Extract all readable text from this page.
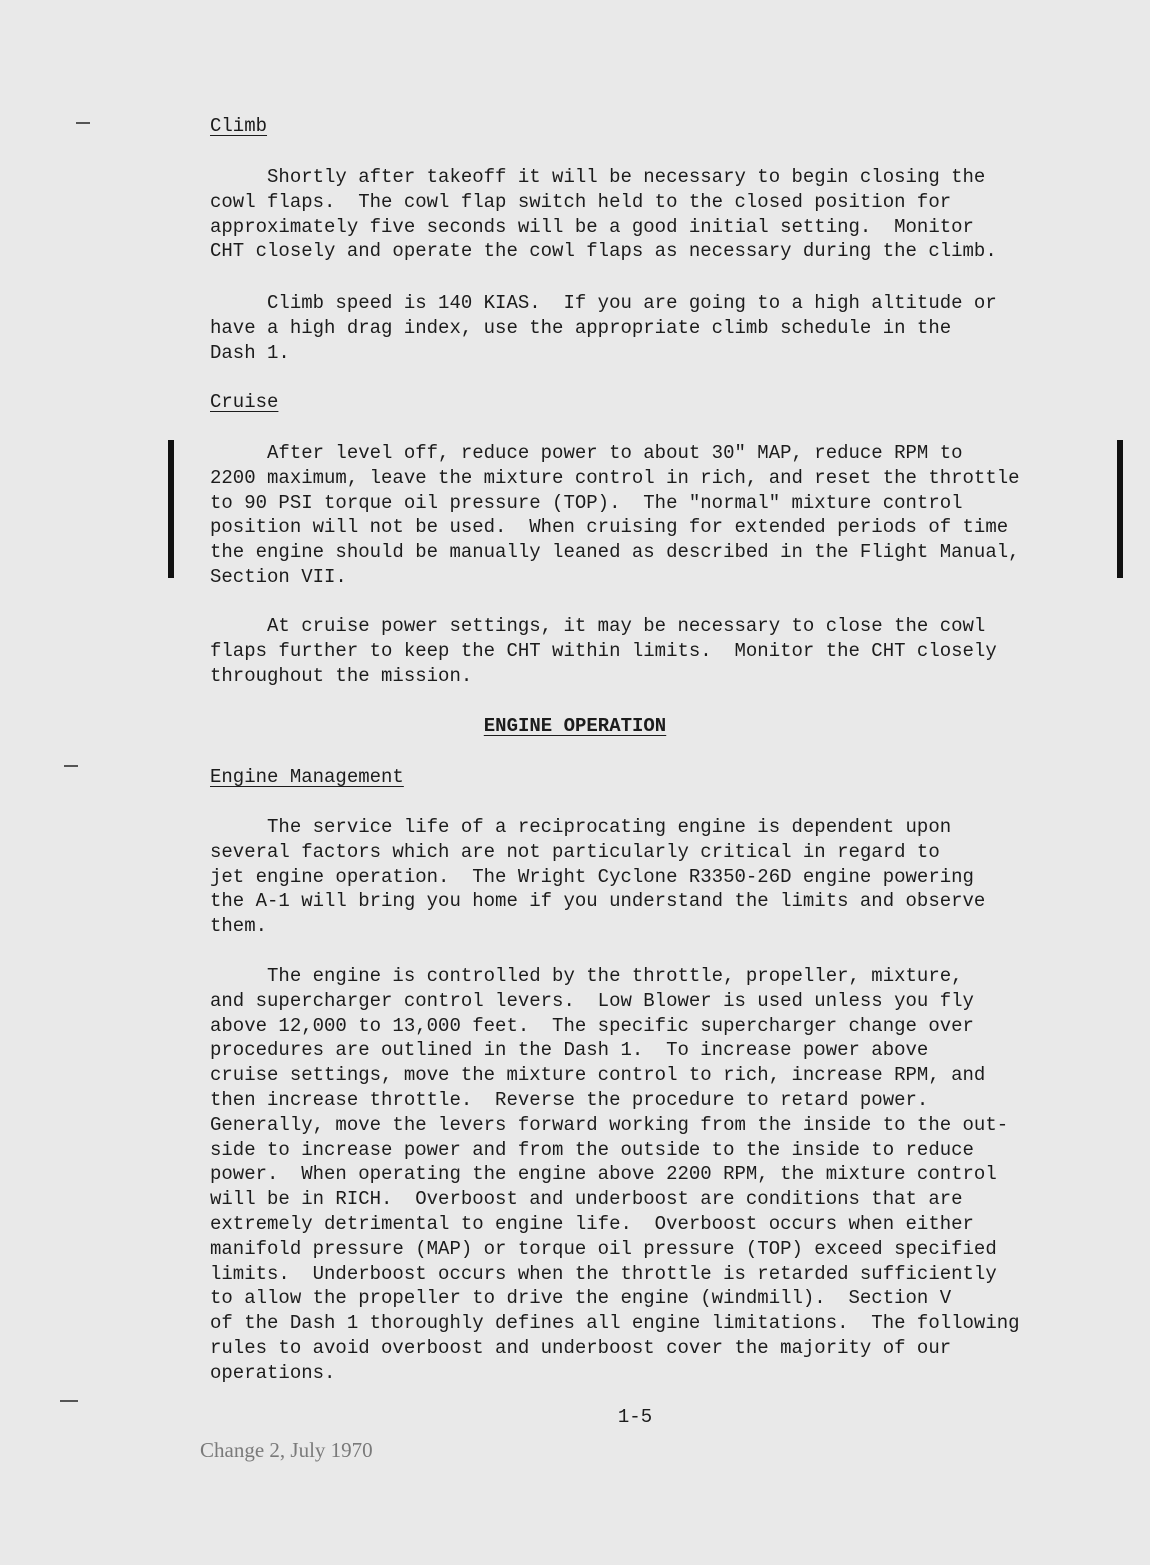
Climb

Shortly after takeoff it will be necessary to begin closing the
cowl flaps.  The cowl flap switch held to the closed position for
approximately five seconds will be a good initial setting.  Monitor
CHT closely and operate the cowl flaps as necessary during the climb.

Climb speed is 140 KIAS.  If you are going to a high altitude or
have a high drag index, use the appropriate climb schedule in the
Dash 1.

Cruise

After level off, reduce power to about 30" MAP, reduce RPM to
2200 maximum, leave the mixture control in rich, and reset the throttle
to 90 PSI torque oil pressure (TOP).  The "normal" mixture control
position will not be used.  When cruising for extended periods of time
the engine should be manually leaned as described in the Flight Manual,
Section VII.

At cruise power settings, it may be necessary to close the cowl
flaps further to keep the CHT within limits.  Monitor the CHT closely
throughout the mission.

ENGINE OPERATION
Engine Management

The service life of a reciprocating engine is dependent upon
several factors which are not particularly critical in regard to
jet engine operation.  The Wright Cyclone R3350-26D engine powering
the A-1 will bring you home if you understand the limits and observe
them.

The engine is controlled by the throttle, propeller, mixture,
and supercharger control levers.  Low Blower is used unless you fly
above 12,000 to 13,000 feet.  The specific supercharger change over
procedures are outlined in the Dash 1.  To increase power above
cruise settings, move the mixture control to rich, increase RPM, and
then increase throttle.  Reverse the procedure to retard power.
Generally, move the levers forward working from the inside to the out-
side to increase power and from the outside to the inside to reduce
power.  When operating the engine above 2200 RPM, the mixture control
will be in RICH.  Overboost and underboost are conditions that are
extremely detrimental to engine life.  Overboost occurs when either
manifold pressure (MAP) or torque oil pressure (TOP) exceed specified
limits.  Underboost occurs when the throttle is retarded sufficiently
to allow the propeller to drive the engine (windmill).  Section V
of the Dash 1 thoroughly defines all engine limitations.  The following
rules to avoid overboost and underboost cover the majority of our
operations.

1-5
Change 2, July 1970
